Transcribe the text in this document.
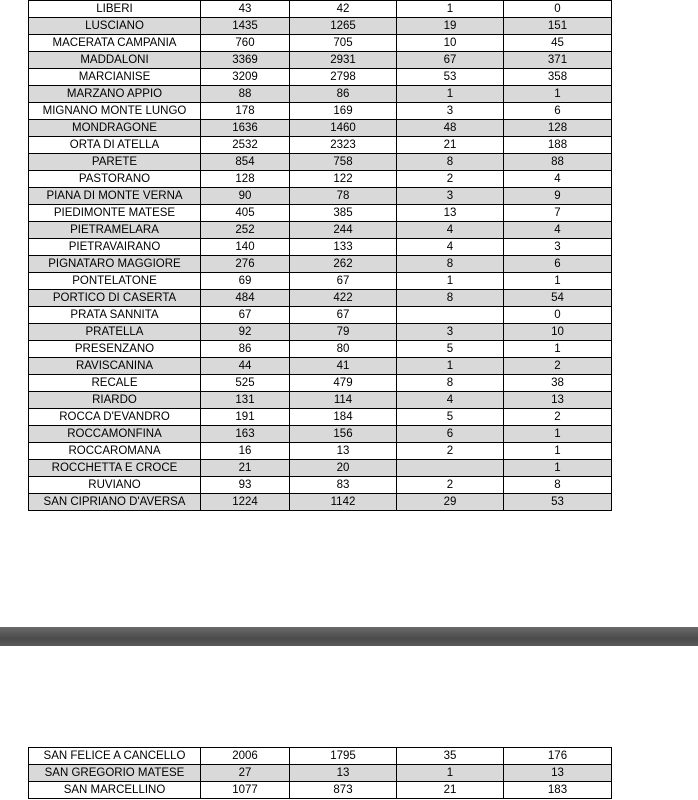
LIBERI	43	42	1	0
LUSCIANO	1435	1265	19	151
MACERATA CAMPANIA	760	705	10	45
MADDALONI	3369	2931	67	371
MARCIANISE	3209	2798	53	358
MARZANO APPIO	88	86	1	1
MIGNANO MONTE LUNGO	178	169	3	6
MONDRAGONE	1636	1460	48	128
ORTA DI ATELLA	2532	2323	21	188
PARETE	854	758	8	88
PASTORANO	128	122	2	4
PIANA DI MONTE VERNA	90	78	3	9
PIEDIMONTE MATESE	405	385	13	7
PIETRAMELARA	252	244	4	4
PIETRAVAIRANO	140	133	4	3
PIGNATARO MAGGIORE	276	262	8	6
PONTELATONE	69	67	1	1
PORTICO DI CASERTA	484	422	8	54
PRATA SANNITA	67	67		0
PRATELLA	92	79	3	10
PRESENZANO	86	80	5	1
RAVISCANINA	44	41	1	2
RECALE	525	479	8	38
RIARDO	131	114	4	13
ROCCA D'EVANDRO	191	184	5	2
ROCCAMONFINA	163	156	6	1
ROCCAROMANA	16	13	2	1
ROCCHETTA E CROCE	21	20		1
RUVIANO	93	83	2	8
SAN CIPRIANO D'AVERSA	1224	1142	29	53
SAN FELICE A CANCELLO	2006	1795	35	176
SAN GREGORIO MATESE	27	13	1	13
SAN MARCELLINO	1077	873	21	183
